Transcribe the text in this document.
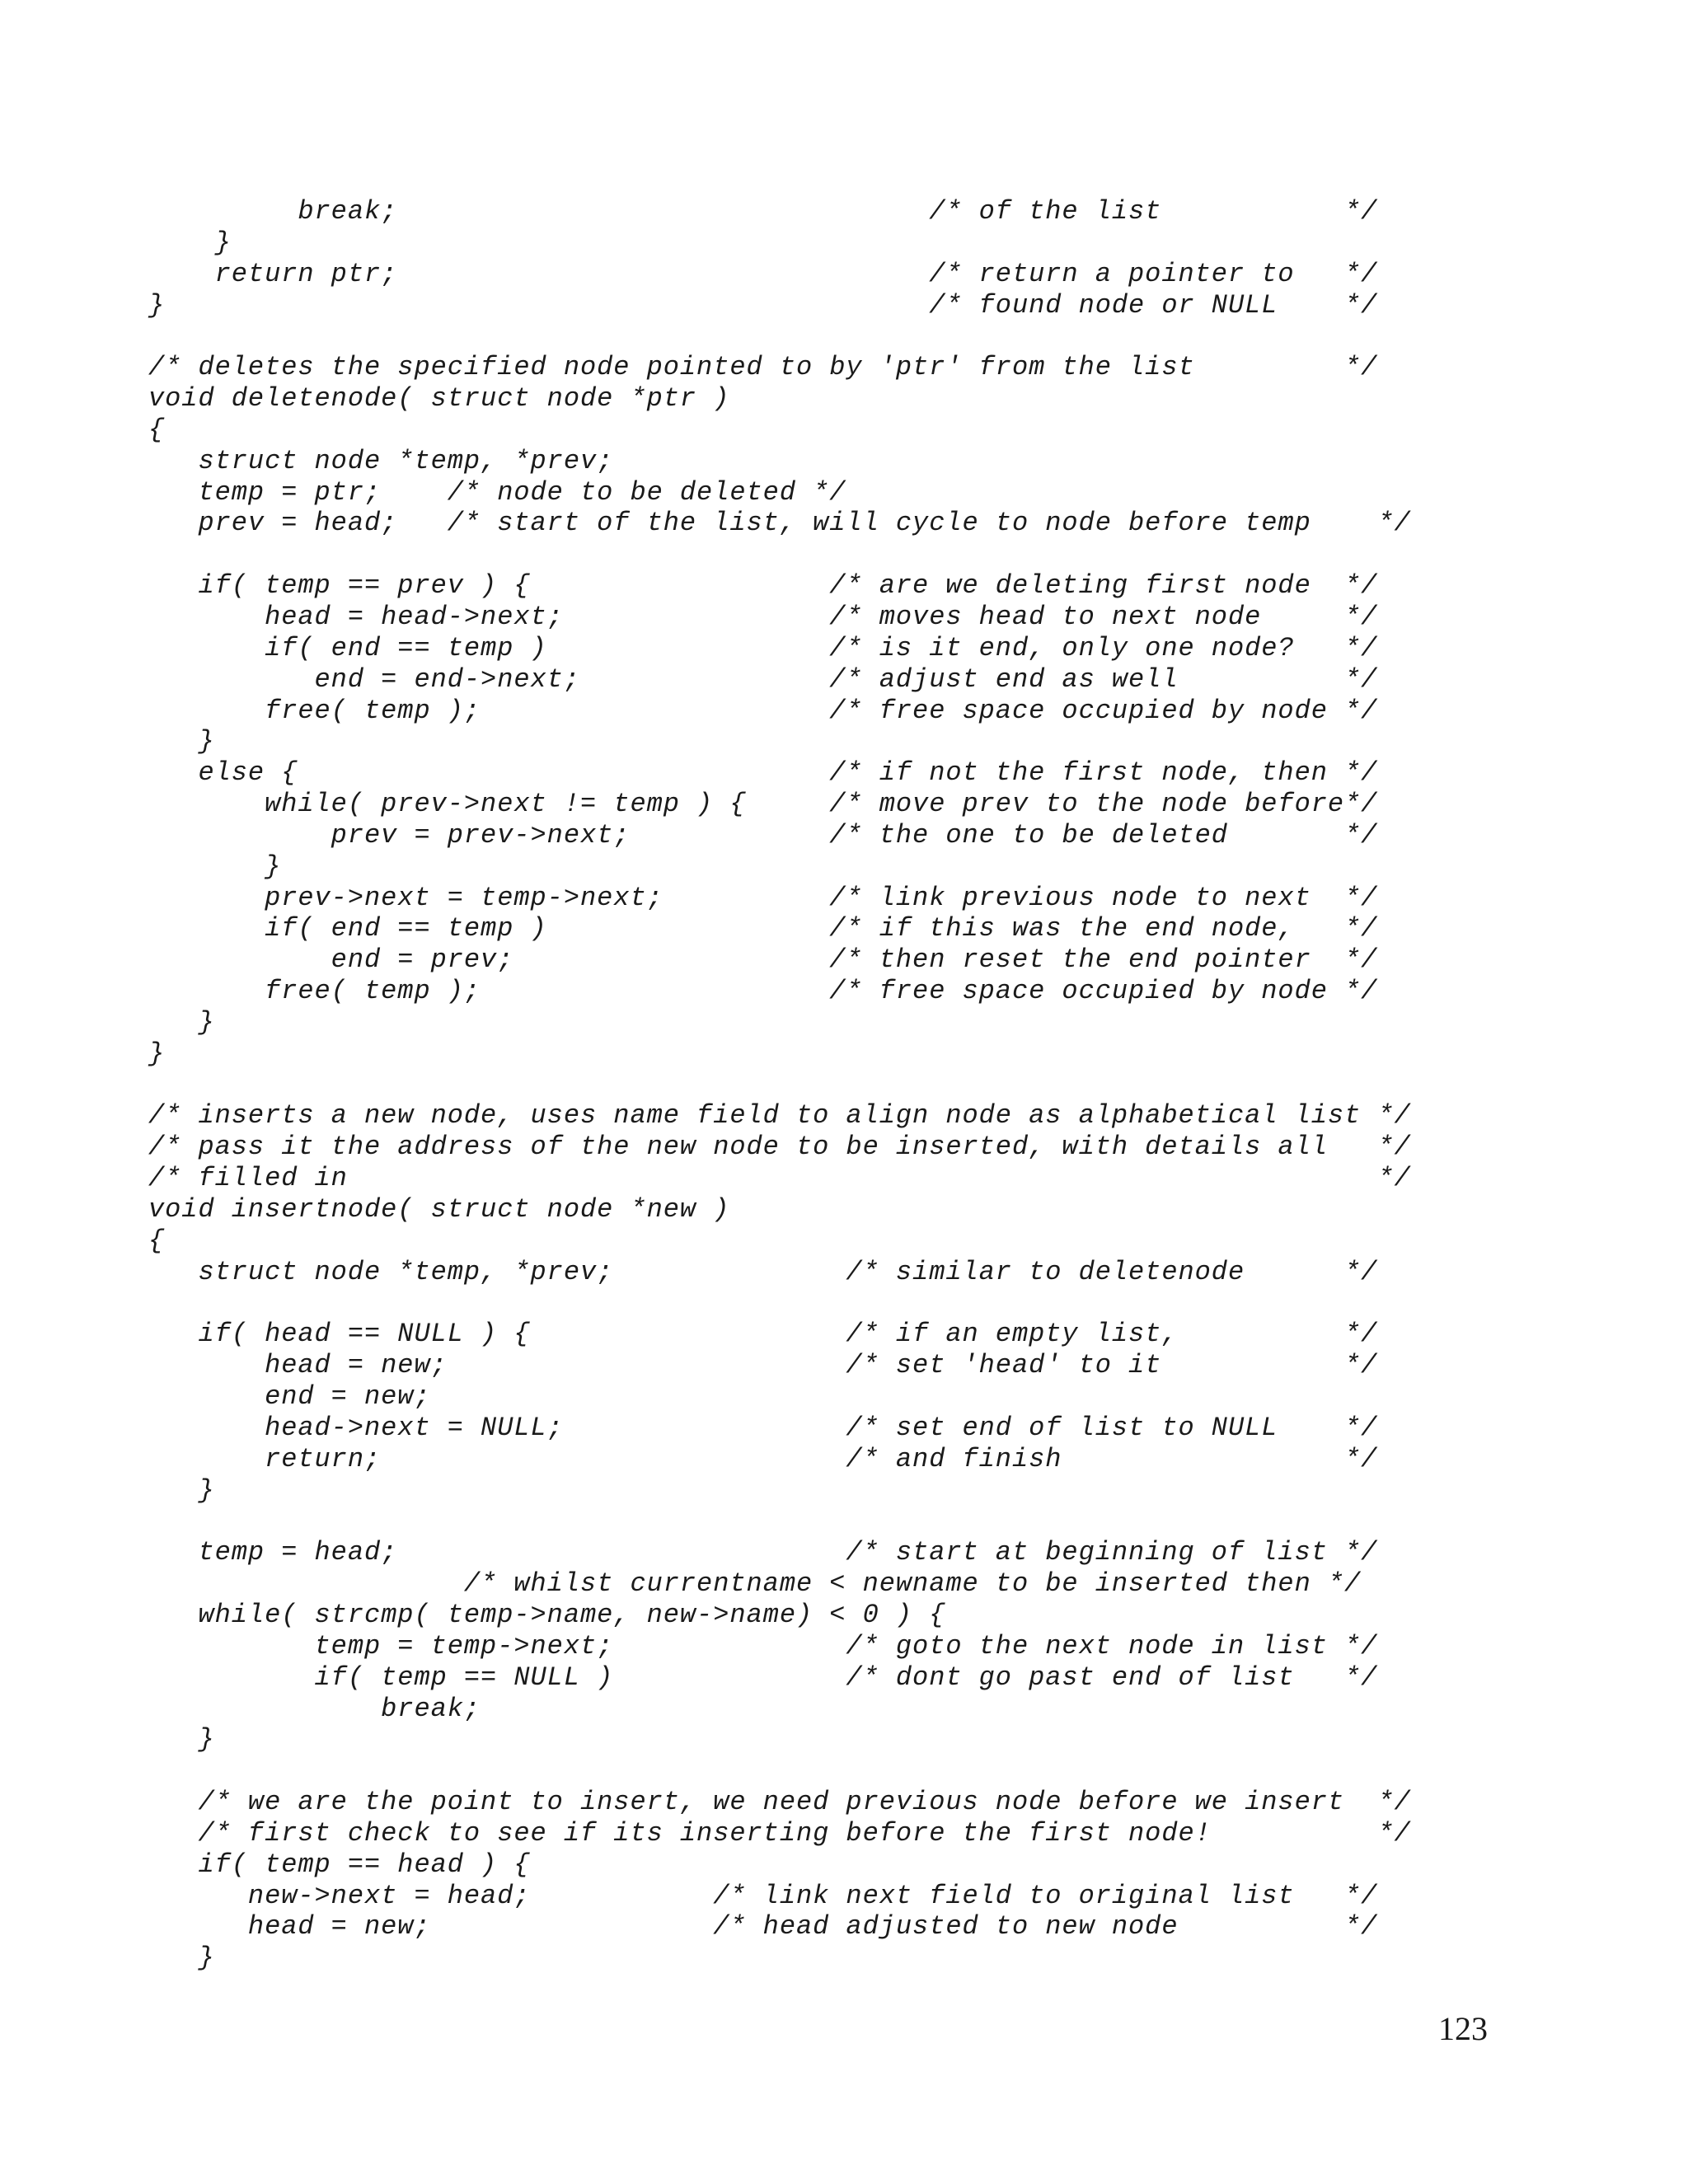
break;                                /* of the list           */
}
return ptr;                                /* return a pointer to   */
}                                              /* found node or NULL    */
/* deletes the specified node pointed to by 'ptr' from the list         */
void deletenode( struct node *ptr )
{
struct node *temp, *prev;
temp = ptr;    /* node to be deleted */
prev = head;   /* start of the list, will cycle to node before temp    */
if( temp == prev ) {                  /* are we deleting first node  */
head = head->next;                /* moves head to next node     */
if( end == temp )                 /* is it end, only one node?   */
end = end->next;               /* adjust end as well          */
free( temp );                     /* free space occupied by node */
}
else {                                /* if not the first node, then */
while( prev->next != temp ) {     /* move prev to the node before*/
prev = prev->next;            /* the one to be deleted       */
}
prev->next = temp->next;          /* link previous node to next  */
if( end == temp )                 /* if this was the end node,   */
end = prev;                   /* then reset the end pointer  */
free( temp );                     /* free space occupied by node */
}
}
/* inserts a new node, uses name field to align node as alphabetical list */
/* pass it the address of the new node to be inserted, with details all   */
/* filled in                                                              */
void insertnode( struct node *new )
{
struct node *temp, *prev;              /* similar to deletenode      */
if( head == NULL ) {                   /* if an empty list,          */
head = new;                        /* set 'head' to it           */
end = new;
head->next = NULL;                 /* set end of list to NULL    */
return;                            /* and finish                 */
}
temp = head;                           /* start at beginning of list */
/* whilst currentname < newname to be inserted then */
while( strcmp( temp->name, new->name) < 0 ) {
temp = temp->next;              /* goto the next node in list */
if( temp == NULL )              /* dont go past end of list   */
break;
}
/* we are the point to insert, we need previous node before we insert  */
/* first check to see if its inserting before the first node!          */
if( temp == head ) {
new->next = head;           /* link next field to original list   */
head = new;                 /* head adjusted to new node          */
}
123
